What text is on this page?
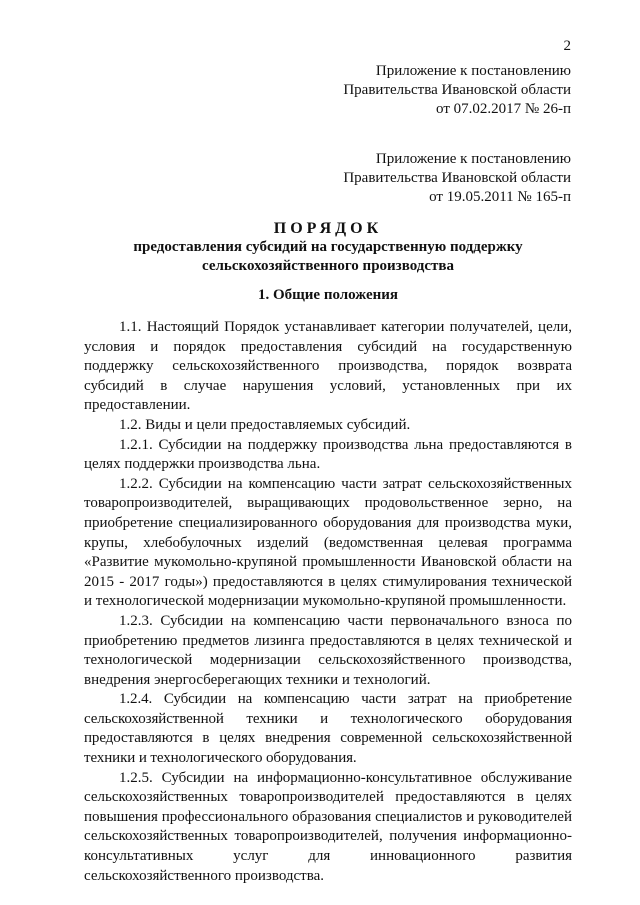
2
Приложение к постановлению
Правительства Ивановской области
от 07.02.2017 № 26-п
Приложение к постановлению
Правительства Ивановской области
от 19.05.2011 № 165-п
ПОРЯДОК
предоставления субсидий на государственную поддержку
сельскохозяйственного производства
1. Общие положения

1.1. Настоящий Порядок устанавливает категории получателей, цели, условия и порядок предоставления субсидий на государственную поддержку сельскохозяйственного производства, порядок возврата субсидий в случае нарушения условий, установленных при их предоставлении.

1.2. Виды и цели предоставляемых субсидий.

1.2.1. Субсидии на поддержку производства льна предоставляются в целях поддержки производства льна.

1.2.2. Субсидии на компенсацию части затрат сельскохозяйственных товаропроизводителей, выращивающих продовольственное зерно, на приобретение специализированного оборудования для производства муки, крупы, хлебобулочных изделий (ведомственная целевая программа «Развитие мукомольно-крупяной промышленности Ивановской области на 2015 - 2017 годы») предоставляются в целях стимулирования технической и технологической модернизации мукомольно-крупяной промышленности.

1.2.3. Субсидии на компенсацию части первоначального взноса по приобретению предметов лизинга предоставляются в целях технической и технологической модернизации сельскохозяйственного производства, внедрения энергосберегающих техники и технологий.

1.2.4. Субсидии на компенсацию части затрат на приобретение сельскохозяйственной техники и технологического оборудования предоставляются в целях внедрения современной сельскохозяйственной техники и технологического оборудования.

1.2.5. Субсидии на информационно-консультативное обслуживание сельскохозяйственных товаропроизводителей предоставляются в целях повышения профессионального образования специалистов и руководителей сельскохозяйственных товаропроизводителей, получения информационно-консультативных услуг для инновационного развития сельскохозяйственного производства.
